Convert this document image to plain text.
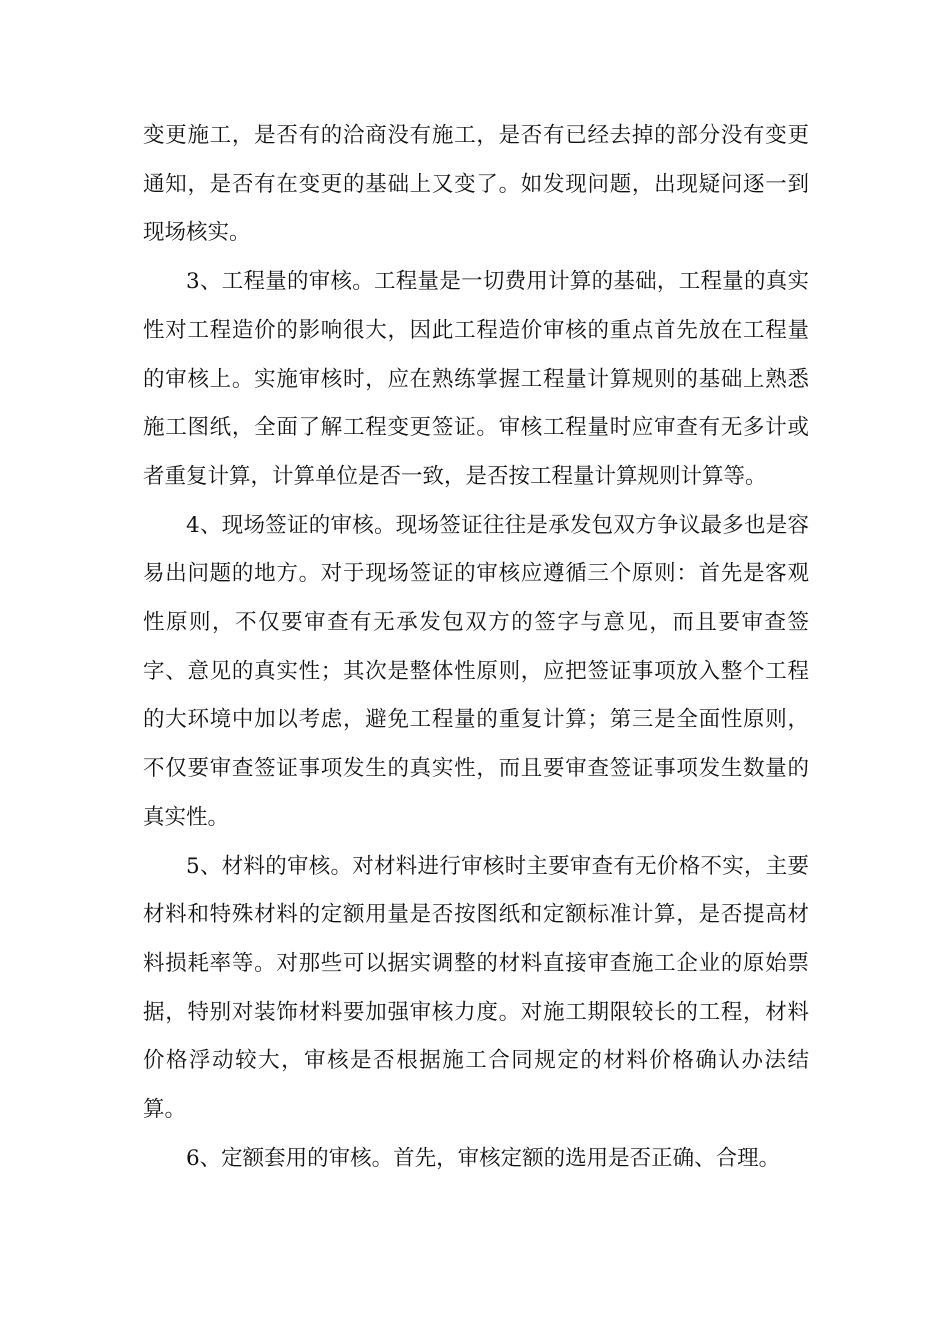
变更施工，是否有的洽商没有施工，是否有已经去掉的部分没有变更通知，是否有在变更的基础上又变了。如发现问题，出现疑问逐一到现场核实。

3、工程量的审核。工程量是一切费用计算的基础，工程量的真实性对工程造价的影响很大，因此工程造价审核的重点首先放在工程量的审核上。实施审核时，应在熟练掌握工程量计算规则的基础上熟悉施工图纸，全面了解工程变更签证。审核工程量时应审查有无多计或者重复计算，计算单位是否一致，是否按工程量计算规则计算等。

4、现场签证的审核。现场签证往往是承发包双方争议最多也是容易出问题的地方。对于现场签证的审核应遵循三个原则：首先是客观性原则，不仅要审查有无承发包双方的签字与意见，而且要审查签字、意见的真实性；其次是整体性原则，应把签证事项放入整个工程的大环境中加以考虑，避免工程量的重复计算；第三是全面性原则，不仅要审查签证事项发生的真实性，而且要审查签证事项发生数量的真实性。

5、材料的审核。对材料进行审核时主要审查有无价格不实，主要材料和特殊材料的定额用量是否按图纸和定额标准计算，是否提高材料损耗率等。对那些可以据实调整的材料直接审查施工企业的原始票据，特别对装饰材料要加强审核力度。对施工期限较长的工程，材料价格浮动较大，审核是否根据施工合同规定的材料价格确认办法结算。

6、定额套用的审核。首先，审核定额的选用是否正确、合理。
